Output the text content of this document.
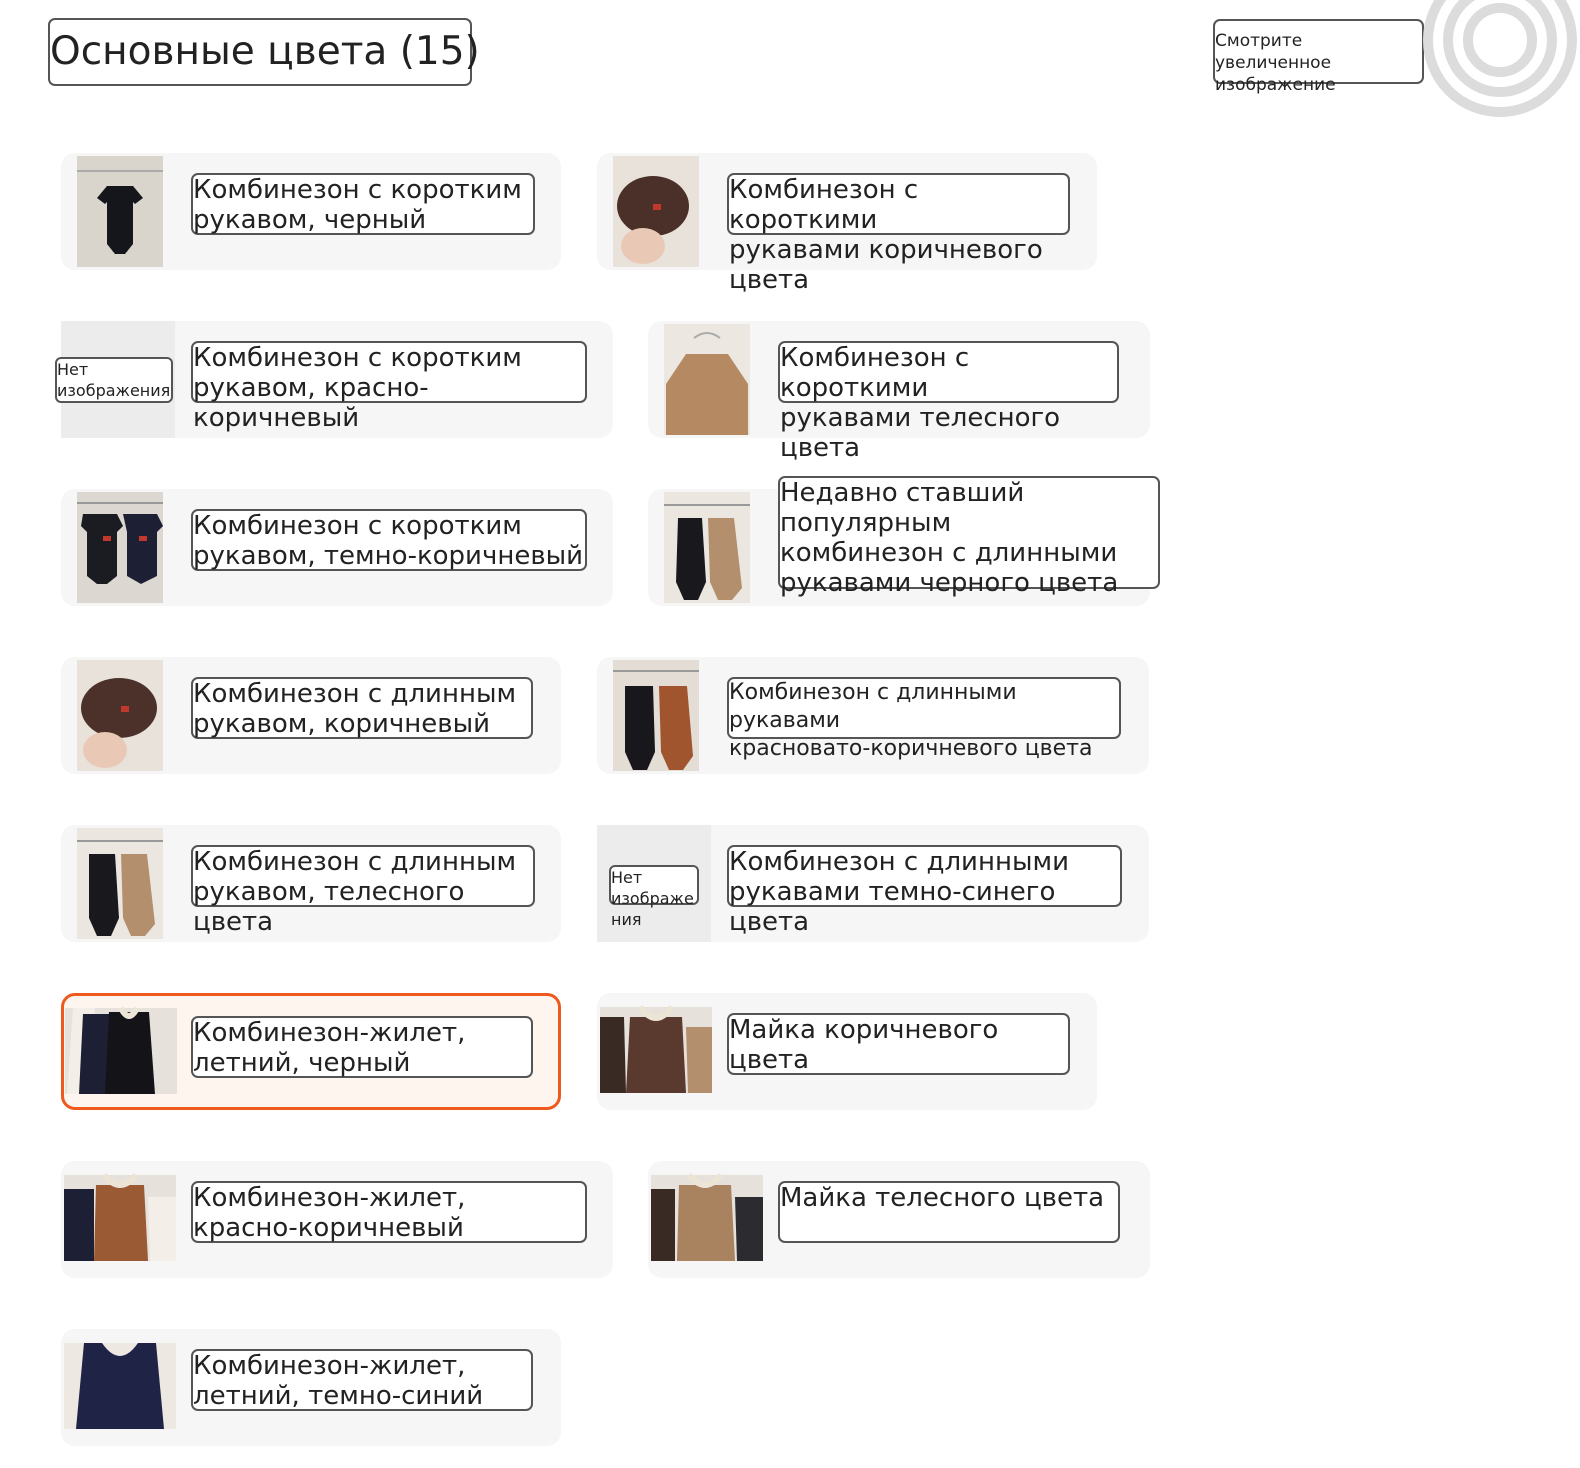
Основные цвета (15)	Смотрите увеличенное изображение
Комбинезон с коротким
рукавом, черный
Комбинезон с короткими
рукавами коричневого цвета
Нет
изображения
Комбинезон с коротким
рукавом, красно-коричневый
Комбинезон с короткими
рукавами телесного цвета
Комбинезон с коротким
рукавом, темно-коричневый
Недавно ставший популярным
комбинезон с длинными
рукавами черного цвета
Комбинезон с длинным
рукавом, коричневый
Комбинезон с длинными рукавами
красновато-коричневого цвета
Комбинезон с длинным
рукавом, телесного цвета
Нет
изображе
ния
Комбинезон с длинными
рукавами темно-синего цвета
Комбинезон-жилет,
летний, черный
Майка коричневого цвета
Комбинезон-жилет,
красно-коричневый
Майка телесного цвета
Комбинезон-жилет,
летний, темно-синий
